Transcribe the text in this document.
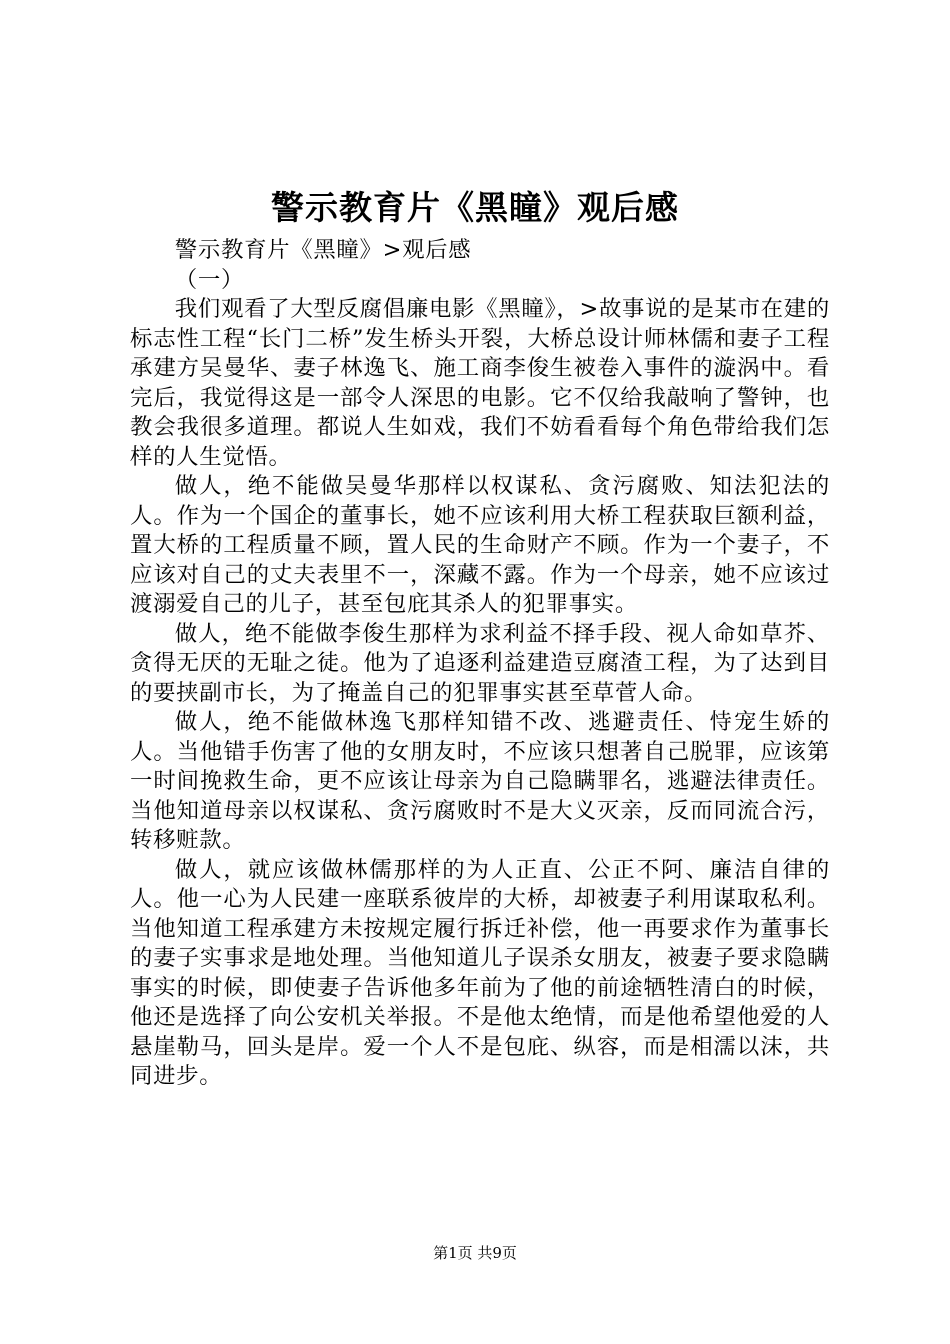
警示教育片《黑瞳》观后感

警示教育片《黑瞳》>观后感

（一）

我们观看了大型反腐倡廉电影《黑瞳》，>故事说的是某市在建的标志性工程“长门二桥”发生桥头开裂，大桥总设计师林儒和妻子工程承建方吴曼华、妻子林逸飞、施工商李俊生被卷入事件的漩涡中。看完后，我觉得这是一部令人深思的电影。它不仅给我敲响了警钟，也教会我很多道理。都说人生如戏，我们不妨看看每个角色带给我们怎样的人生觉悟。

做人，绝不能做吴曼华那样以权谋私、贪污腐败、知法犯法的人。作为一个国企的董事长，她不应该利用大桥工程获取巨额利益，置大桥的工程质量不顾，置人民的生命财产不顾。作为一个妻子，不应该对自己的丈夫表里不一，深藏不露。作为一个母亲，她不应该过渡溺爱自己的儿子，甚至包庇其杀人的犯罪事实。

做人，绝不能做李俊生那样为求利益不择手段、视人命如草芥、贪得无厌的无耻之徒。他为了追逐利益建造豆腐渣工程，为了达到目的要挟副市长，为了掩盖自己的犯罪事实甚至草菅人命。

做人，绝不能做林逸飞那样知错不改、逃避责任、恃宠生娇的人。当他错手伤害了他的女朋友时，不应该只想著自己脱罪，应该第一时间挽救生命，更不应该让母亲为自己隐瞒罪名，逃避法律责任。当他知道母亲以权谋私、贪污腐败时不是大义灭亲，反而同流合污，转移赃款。

做人，就应该做林儒那样的为人正直、公正不阿、廉洁自律的人。他一心为人民建一座联系彼岸的大桥，却被妻子利用谋取私利。当他知道工程承建方未按规定履行拆迁补偿，他一再要求作为董事长的妻子实事求是地处理。当他知道儿子误杀女朋友，被妻子要求隐瞒事实的时候，即使妻子告诉他多年前为了他的前途牺牲清白的时候，他还是选择了向公安机关举报。不是他太绝情，而是他希望他爱的人悬崖勒马，回头是岸。爱一个人不是包庇、纵容，而是相濡以沫，共同进步。

第1页 共9页
